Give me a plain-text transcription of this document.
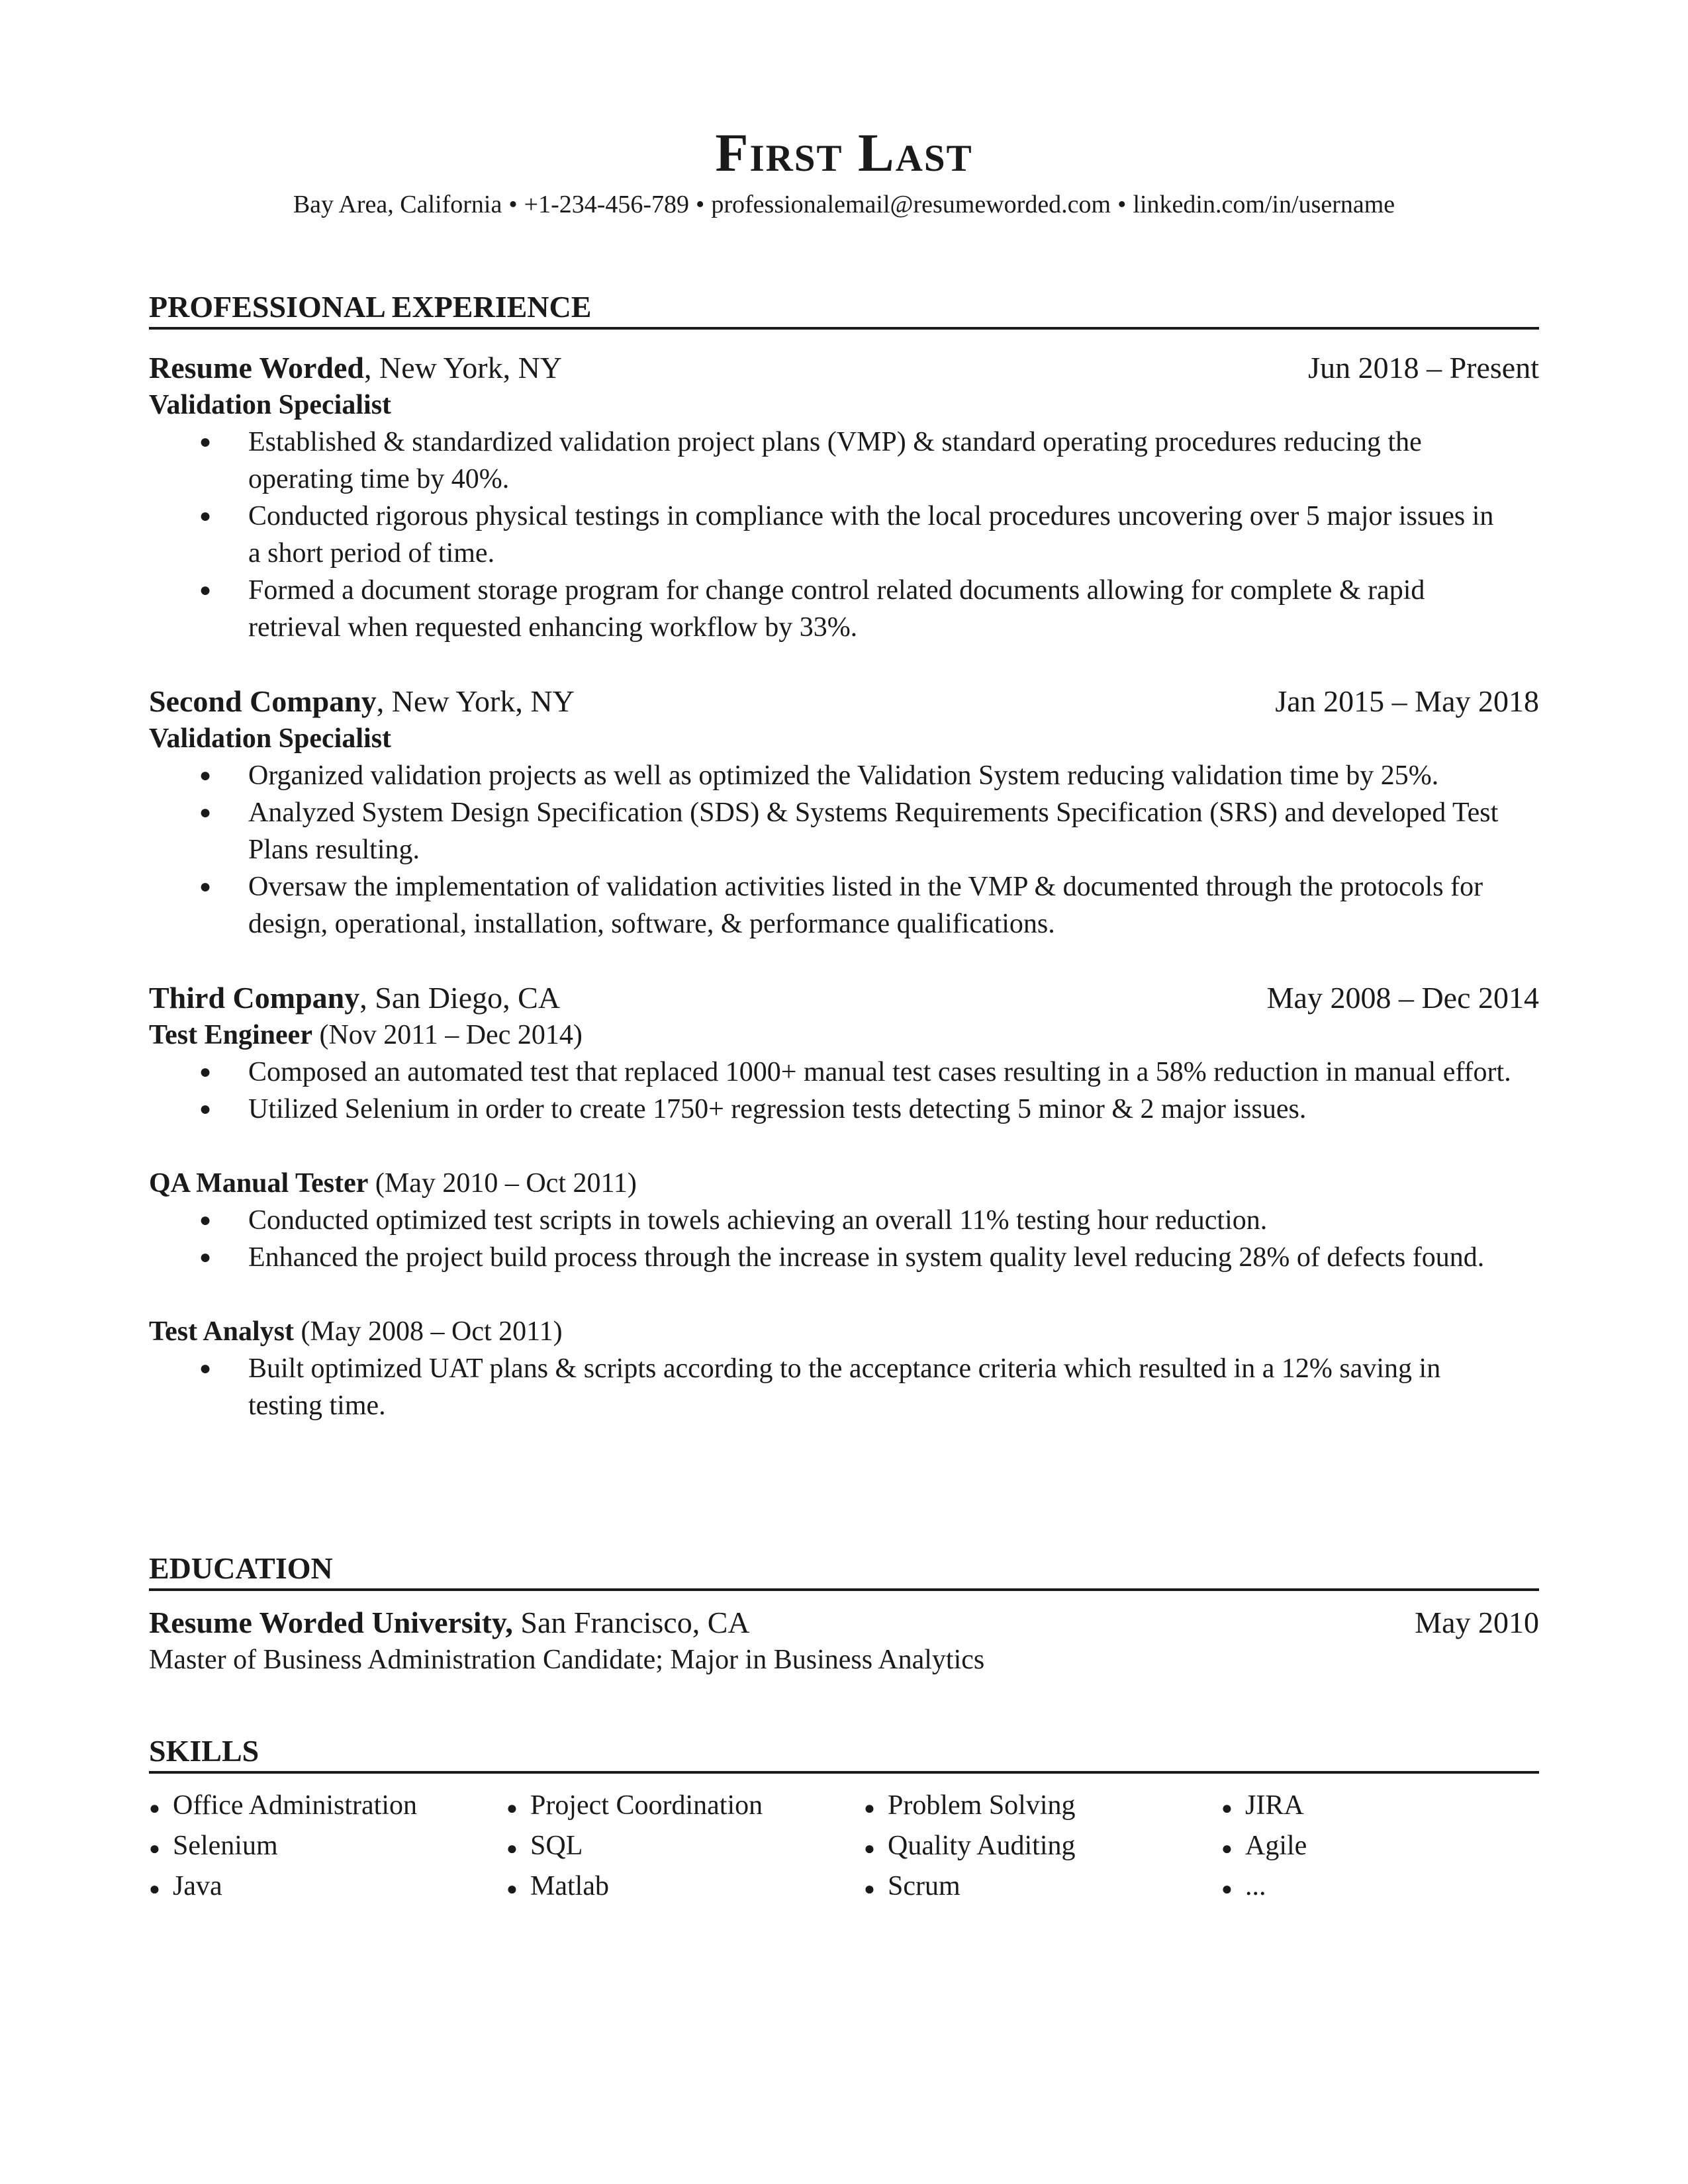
First Last
Bay Area, California • +1-234-456-789 • professionalemail@resumeworded.com • linkedin.com/in/username
PROFESSIONAL EXPERIENCE
Resume Worded, New York, NY	Jun 2018 – Present
Validation Specialist
● Established & standardized validation project plans (VMP) & standard operating procedures reducing the operating time by 40%.
● Conducted rigorous physical testings in compliance with the local procedures uncovering over 5 major issues in a short period of time.
● Formed a document storage program for change control related documents allowing for complete & rapid retrieval when requested enhancing workflow by 33%.
Second Company, New York, NY	Jan 2015 – May 2018
Validation Specialist
● Organized validation projects as well as optimized the Validation System reducing validation time by 25%.
● Analyzed System Design Specification (SDS) & Systems Requirements Specification (SRS) and developed Test Plans resulting.
● Oversaw the implementation of validation activities listed in the VMP & documented through the protocols for design, operational, installation, software, & performance qualifications.
Third Company, San Diego, CA	May 2008 – Dec 2014
Test Engineer (Nov 2011 – Dec 2014)
● Composed an automated test that replaced 1000+ manual test cases resulting in a 58% reduction in manual effort.
● Utilized Selenium in order to create 1750+ regression tests detecting 5 minor & 2 major issues.
QA Manual Tester (May 2010 – Oct 2011)
● Conducted optimized test scripts in towels achieving an overall 11% testing hour reduction.
● Enhanced the project build process through the increase in system quality level reducing 28% of defects found.
Test Analyst (May 2008 – Oct 2011)
● Built optimized UAT plans & scripts according to the acceptance criteria which resulted in a 12% saving in testing time.
EDUCATION
Resume Worded University, San Francisco, CA	May 2010
Master of Business Administration Candidate; Major in Business Analytics
SKILLS
● Office Administration
● Selenium
● Java
● Project Coordination
● SQL
● Matlab
● Problem Solving
● Quality Auditing
● Scrum
● JIRA
● Agile
● ...
